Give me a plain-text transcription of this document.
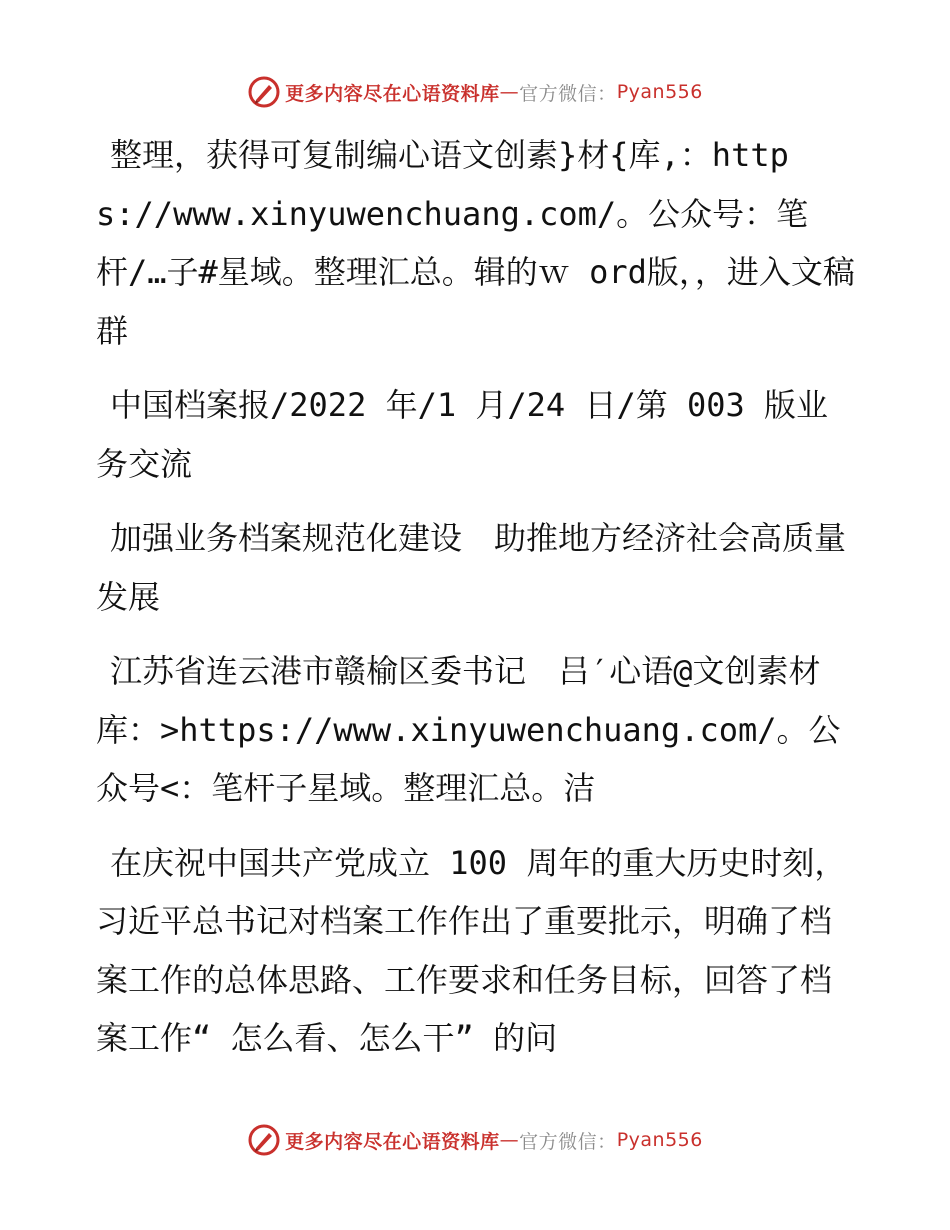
更多内容尽在心语资料库 — 官方微信： Pyan556

整理，获得可复制编心语文创素}材{库,：https://www.xinyuwenchuang.com/。公众号：笔杆/…子#星域。整理汇总。辑的ｗ ord版，，进入文稿群

中国档案报/2022 年/1 月/24 日/第 003 版业务交流

加强业务档案规范化建设　助推地方经济社会高质量发展

江苏省连云港市赣榆区委书记　吕′心语@文创素材库：>https://www.xinyuwenchuang.com/。公众号<：笔杆子星域。整理汇总。洁

在庆祝中国共产党成立 100 周年的重大历史时刻，　习近平总书记对档案工作作出了重要批示，明确了档案工作的总体思路、工作要求和任务目标，回答了档案工作“ 怎么看、怎么干” 的问

更多内容尽在心语资料库 — 官方微信： Pyan556
